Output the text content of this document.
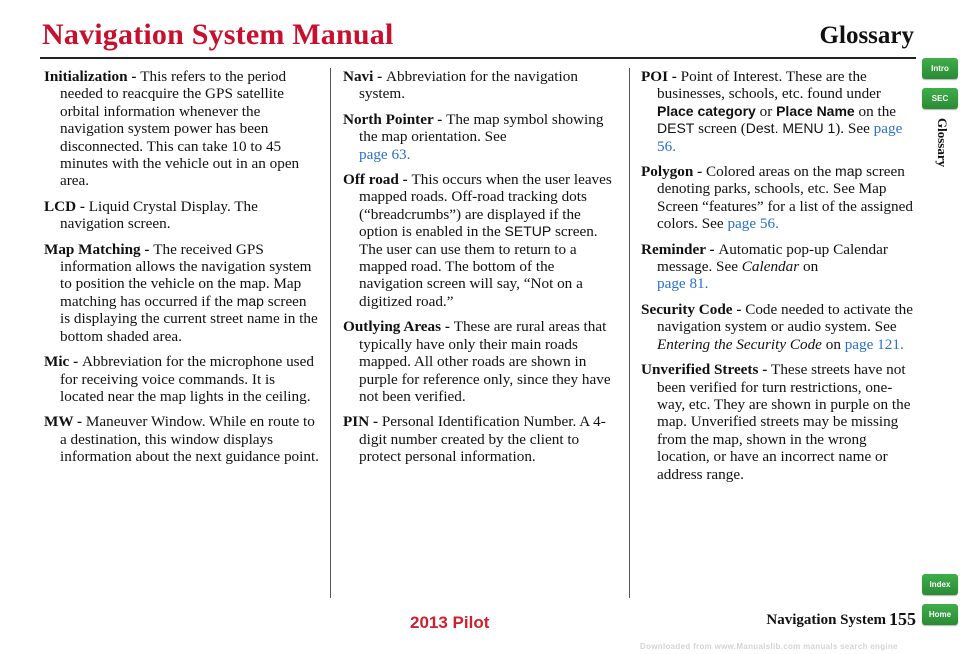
Navigation System Manual	Glossary

Initialization - This refers to the period needed to reacquire the GPS satellite orbital information whenever the navigation system power has been disconnected. This can take 10 to 45 minutes with the vehicle out in an open area.

LCD - Liquid Crystal Display. The navigation screen.

Map Matching - The received GPS information allows the navigation system to position the vehicle on the map. Map matching has occurred if the map screen is displaying the current street name in the bottom shaded area.

Mic - Abbreviation for the microphone used for receiving voice commands. It is located near the map lights in the ceiling.

MW - Maneuver Window. While en route to a destination, this window displays information about the next guidance point.

Navi - Abbreviation for the navigation system.

North Pointer - The map symbol showing the map orientation. See
page 63.

Off road - This occurs when the user leaves mapped roads. Off-road tracking dots (“breadcrumbs”) are displayed if the option is enabled in the SETUP screen. The user can use them to return to a mapped road. The bottom of the navigation screen will say, “Not on a digitized road.”

Outlying Areas - These are rural areas that typically have only their main roads mapped. All other roads are shown in purple for reference only, since they have not been verified.

PIN - Personal Identification Number. A 4-digit number created by the client to protect personal information.

POI - Point of Interest. These are the businesses, schools, etc. found under Place category or Place Name on the DEST screen (Dest. MENU 1). See page 56.

Polygon - Colored areas on the map screen denoting parks, schools, etc. See Map Screen “features” for a list of the assigned colors. See page 56.

Reminder - Automatic pop-up Calendar message. See Calendar on
page 81.

Security Code - Code needed to activate the navigation system or audio system. See Entering the Security Code on page 121.

Unverified Streets - These streets have not been verified for turn restrictions, one-way, etc. They are shown in purple on the map. Unverified streets may be missing from the map, shown in the wrong location, or have an incorrect name or address range.

Intro
SEC
Glossary
Index
Home
2013 Pilot	Navigation System 155
Downloaded from www.Manualslib.com manuals search engine
